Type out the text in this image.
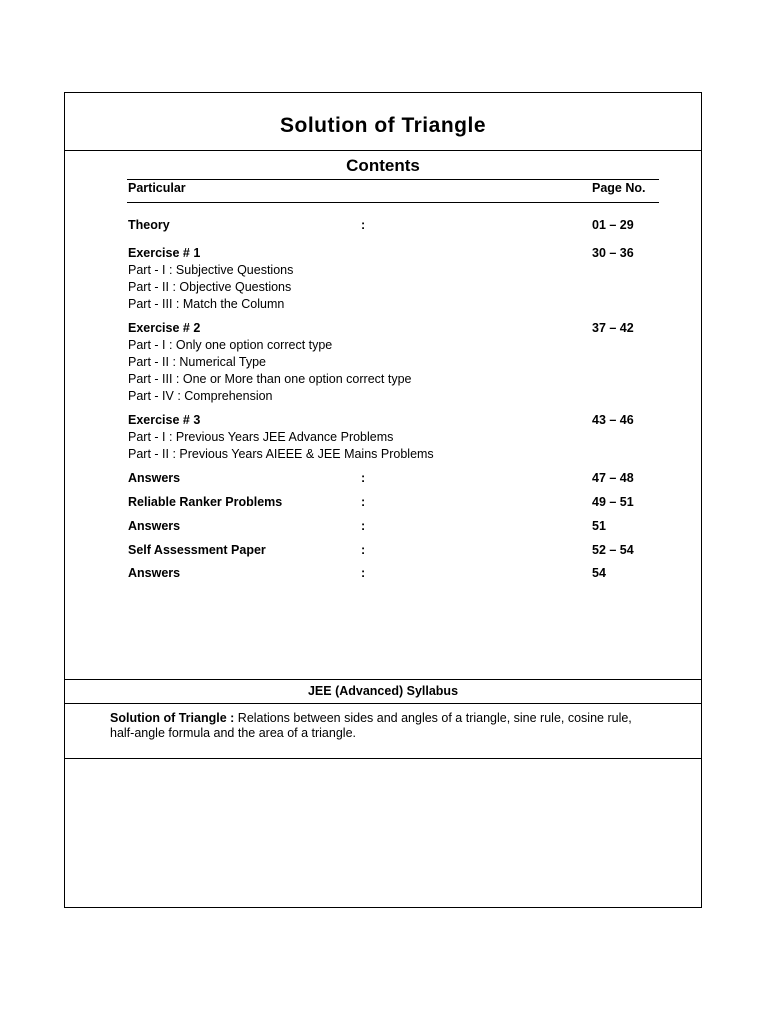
Solution of Triangle
Contents
Particular	Page No.
Theory	:	01 – 29
Exercise # 1	30 – 36
Part - I : Subjective Questions
Part - II : Objective Questions
Part - III : Match the Column
Exercise # 2	37 – 42
Part - I : Only one option correct type
Part - II : Numerical Type
Part - III : One or More than one option correct type
Part - IV : Comprehension
Exercise # 3	43 – 46
Part - I : Previous Years JEE Advance Problems
Part - II : Previous Years AIEEE & JEE Mains Problems
Answers	:	47 – 48
Reliable Ranker Problems	:	49 – 51
Answers	:	51
Self Assessment Paper	:	52 – 54
Answers	:	54
JEE (Advanced) Syllabus
Solution of Triangle : Relations between sides and angles of a triangle, sine rule, cosine rule, half-angle formula and the area of a triangle.
